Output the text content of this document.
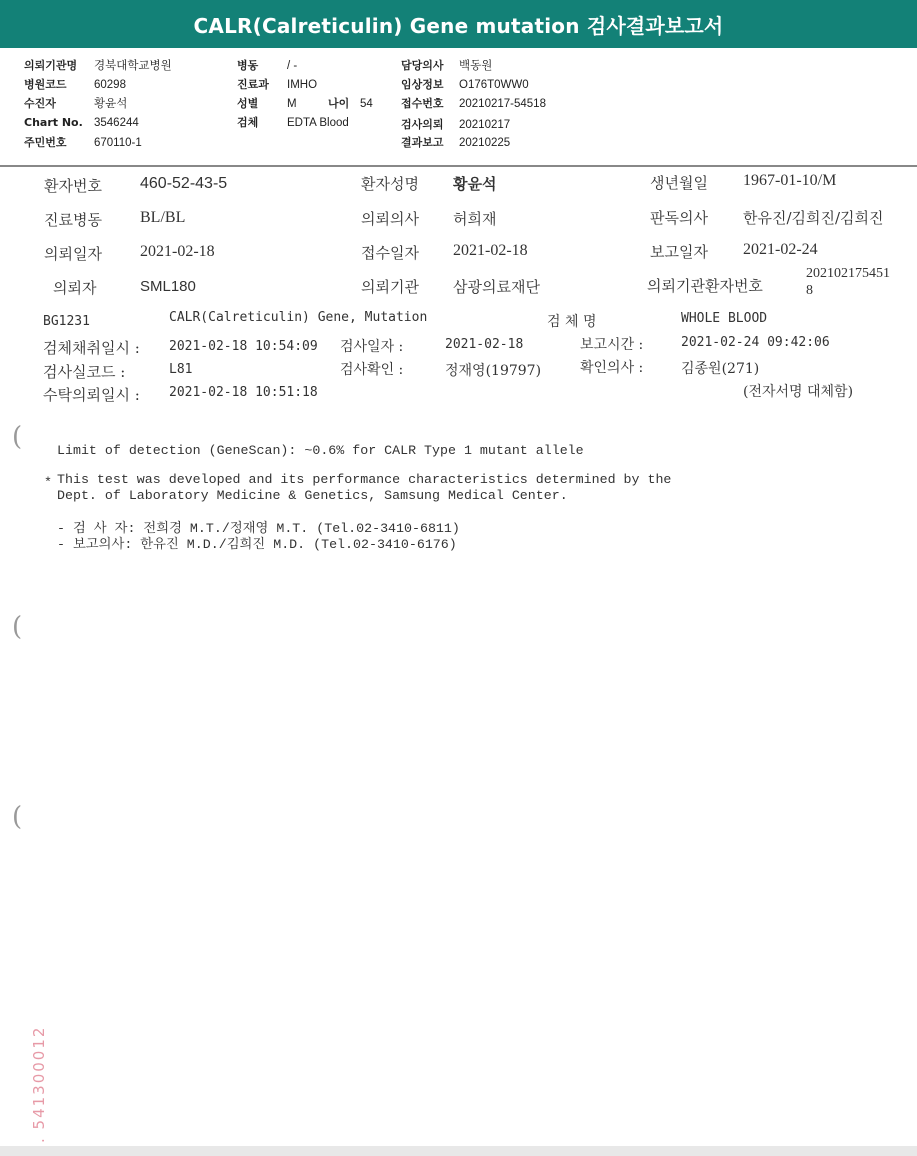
CALR(Calreticulin) Gene mutation 검사결과보고서
의뢰기관명 경북대학교병원
병원코드 60298
수진자	황윤석
Chart No. 3546244
주민번호 670110-1
병동 / -
진료과 IMHO
성별 M	나이 54
검체 EDTA Blood
담당의사 백동원
임상정보 O176T0WW0
접수번호 20210217-54518
검사의뢰 20210217
결과보고 20210225
환자번호 460-52-43-5	환자성명 황윤석	생년월일 1967-01-10/M
진료병동 BL/BL	의뢰의사 허희재	판독의사 한유진/김희진/김희진
의뢰일자 2021-02-18	접수일자 2021-02-18	보고일자 2021-02-24
의뢰자	SML180	의뢰기관 삼광의료재단	의뢰기관환자번호
202102175451
8
BG1231	CALR(Calreticulin) Gene, Mutation	검 체 명	WHOLE BLOOD
검체채취일시 : 2021-02-18 10:54:09 검사일자 :	2021-02-18	보고시간 :	2021-02-24 09:42:06
검사실코드 :	L81	검사확인 :	정재영(19797)	확인의사 :	김종원(271)
수탁의뢰일시 : 2021-02-18 10:51:18	(전자서명 대체함)
(
(
(
Limit of detection (GeneScan): ~0.6% for CALR Type 1 mutant allele
* This test was developed and its performance characteristics determined by the
Dept. of Laboratory Medicine & Genetics, Samsung Medical Center.
- 검 사 자: 전희경 M.T./정재영 M.T. (Tel.02-3410-6811)
- 보고의사: 한유진 M.D./김희진 M.D. (Tel.02-3410-6176)
. 541300012
